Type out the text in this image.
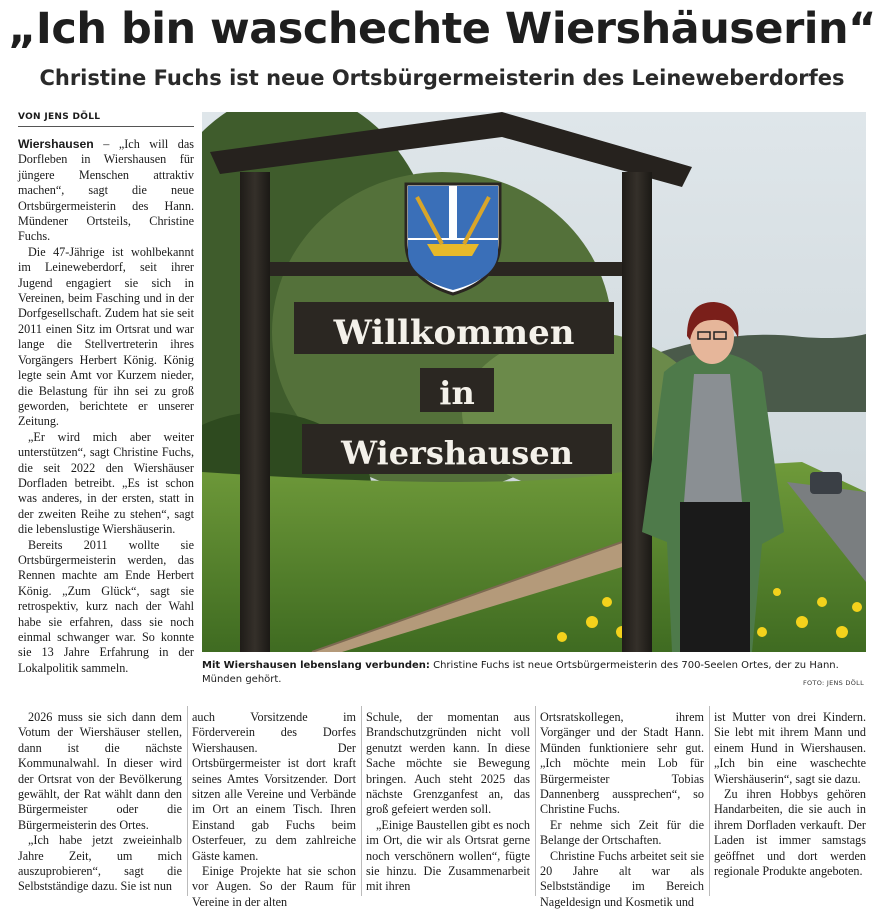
„Ich bin waschechte Wiershäuserin“
Christine Fuchs ist neue Ortsbürgermeisterin des Leineweberdorfes
VON JENS DÖLL

Wiershausen – „Ich will das Dorfleben in Wiershausen für jüngere Menschen attraktiv machen“, sagt die neue Ortsbürgermeisterin des Hann. Mündener Ortsteils, Christine Fuchs.

Die 47-Jährige ist wohlbekannt im Leineweberdorf, seit ihrer Jugend engagiert sie sich in Vereinen, beim Fasching und in der Dorfgesellschaft. Zudem hat sie seit 2011 einen Sitz im Ortsrat und war lange die Stellvertreterin ihres Vorgängers Herbert König. König legte sein Amt vor Kurzem nieder, die Belastung für ihn sei zu groß geworden, berichtete er unserer Zeitung.

„Er wird mich aber weiter unterstützen“, sagt Christine Fuchs, die seit 2022 den Wiershäuser Dorfladen betreibt. „Es ist schon was anderes, in der ersten, statt in der zweiten Reihe zu stehen“, sagt die lebenslustige Wiershäuserin.

Bereits 2011 wollte sie Ortsbürgermeisterin werden, das Rennen machte am Ende Herbert König. „Zum Glück“, sagt sie retrospektiv, kurz nach der Wahl habe sie erfahren, dass sie noch einmal schwanger war. So konnte sie 13 Jahre Erfahrung in der Lokalpolitik sammeln.

Willkommen
in
Wiershausen
Mit Wiershausen lebenslang verbunden: Christine Fuchs ist neue Ortsbürgermeisterin des 700-Seelen Ortes, der zu Hann. Münden gehört.	FOTO: JENS DÖLL

2026 muss sie sich dann dem Votum der Wiershäuser stellen, dann ist die nächste Kommunalwahl. In dieser wird der Ortsrat von der Bevölkerung gewählt, der Rat wählt dann den Bürgermeister oder die Bürgermeisterin des Ortes.

„Ich habe jetzt zweieinhalb Jahre Zeit, um mich auszuprobieren“, sagt die Selbstständige dazu. Sie ist nun

auch Vorsitzende im Förderverein des Dorfes Wiershausen. Der Ortsbürgermeister ist dort kraft seines Amtes Vorsitzender. Dort sitzen alle Vereine und Verbände im Ort an einem Tisch. Ihren Einstand gab Fuchs beim Osterfeuer, zu dem zahlreiche Gäste kamen.

Einige Projekte hat sie schon vor Augen. So der Raum für Vereine in der alten

Schule, der momentan aus Brandschutzgründen nicht voll genutzt werden kann. In diese Sache möchte sie Bewegung bringen. Auch steht 2025 das nächste Grenzganfest an, das groß gefeiert werden soll.

„Einige Baustellen gibt es noch im Ort, die wir als Ortsrat gerne noch verschönern wollen“, fügte sie hinzu. Die Zusammenarbeit mit ihren

Ortsratskollegen, ihrem Vorgänger und der Stadt Hann. Münden funktioniere sehr gut. „Ich möchte mein Lob für Bürgermeister Tobias Dannenberg aussprechen“, so Christine Fuchs.

Er nehme sich Zeit für die Belange der Ortschaften.

Christine Fuchs arbeitet seit sie 20 Jahre alt war als Selbstständige im Bereich Nageldesign und Kosmetik und

ist Mutter von drei Kindern. Sie lebt mit ihrem Mann und einem Hund in Wiershausen. „Ich bin eine waschechte Wiershäuserin“, sagt sie dazu.

Zu ihren Hobbys gehören Handarbeiten, die sie auch in ihrem Dorfladen verkauft. Der Laden ist immer samstags geöffnet und dort werden regionale Produkte angeboten.
